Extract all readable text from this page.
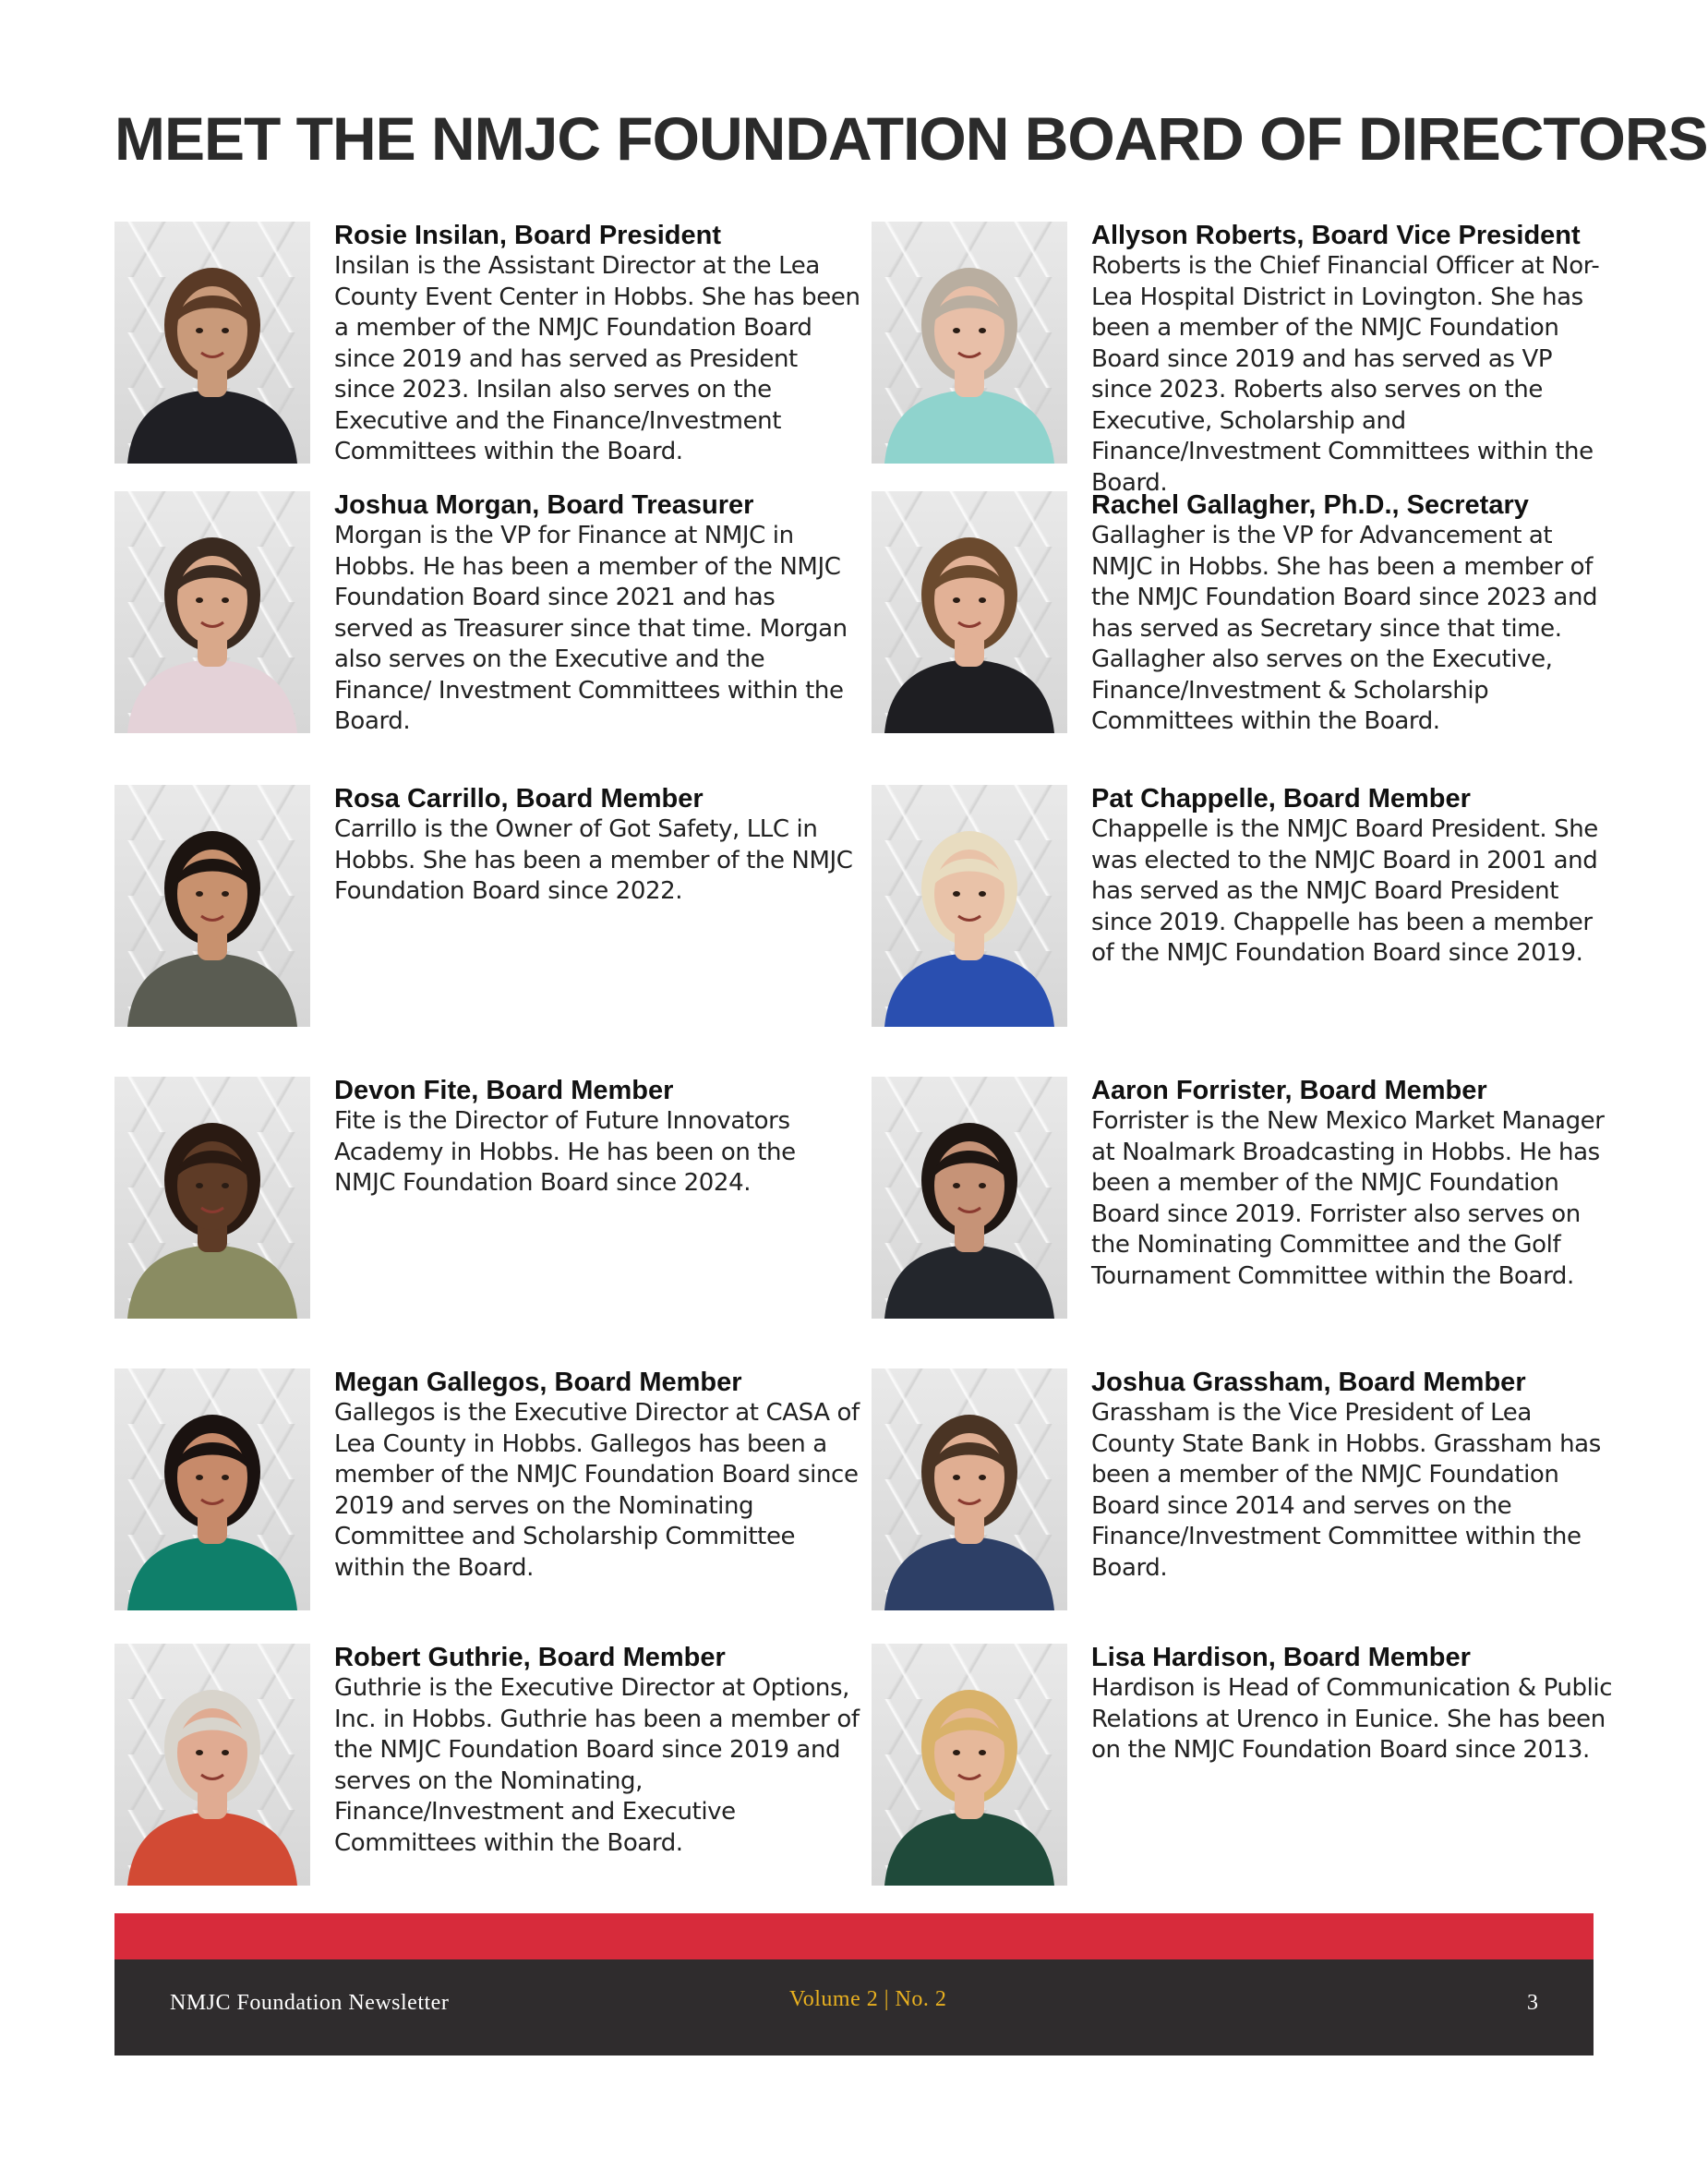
MEET THE NMJC FOUNDATION BOARD OF DIRECTORS

Rosie Insilan, Board President

Insilan is the Assistant Director at the Lea County Event Center in Hobbs. She has been a member of the NMJC Foundation Board since 2019 and has served as President since 2023. Insilan also serves on the Executive and the Finance/Investment Committees within the Board.

Allyson Roberts, Board Vice President

Roberts is the Chief Financial Officer at Nor-Lea Hospital District in Lovington. She has been a member of the NMJC Foundation Board since 2019 and has served as VP since 2023. Roberts also serves on the Executive, Scholarship and Finance/Investment Committees within the Board.

Joshua Morgan, Board Treasurer

Morgan is the VP for Finance at NMJC in Hobbs. He has been a member of the NMJC Foundation Board since 2021 and has served as Treasurer since that time. Morgan also serves on the Executive and the Finance/ Investment Committees within the Board.

Rachel Gallagher, Ph.D., Secretary

Gallagher is the VP for Advancement at NMJC in Hobbs. She has been a member of the NMJC Foundation Board since 2023 and has served as Secretary since that time. Gallagher also serves on the Executive, Finance/Investment & Scholarship Committees within the Board.

Rosa Carrillo, Board Member

Carrillo is the Owner of Got Safety, LLC in Hobbs. She has been a member of the NMJC Foundation Board since 2022.

Pat Chappelle, Board Member

Chappelle is the NMJC Board President. She was elected to the NMJC Board in 2001 and has served as the NMJC Board President since 2019. Chappelle has been a member of the NMJC Foundation Board since 2019.

Devon Fite, Board Member

Fite is the Director of Future Innovators Academy in Hobbs. He has been on the NMJC Foundation Board since 2024.

Aaron Forrister, Board Member

Forrister is the New Mexico Market Manager at Noalmark Broadcasting in Hobbs. He has been a member of the NMJC Foundation Board since 2019. Forrister also serves on the Nominating Committee and the Golf Tournament Committee within the Board.

Megan Gallegos, Board Member

Gallegos is the Executive Director at CASA of Lea County in Hobbs. Gallegos has been a member of the NMJC Foundation Board since 2019 and serves on the Nominating Committee and Scholarship Committee within the Board.

Joshua Grassham, Board Member

Grassham is the Vice President of Lea County State Bank in Hobbs. Grassham has been a member of the NMJC Foundation Board since 2014 and serves on the Finance/Investment Committee within the Board.

Robert Guthrie, Board Member

Guthrie is the Executive Director at Options, Inc. in Hobbs. Guthrie has been a member of the NMJC Foundation Board since 2019 and serves on the Nominating, Finance/Investment and Executive Committees within the Board.

Lisa Hardison, Board Member

Hardison is Head of Communication & Public Relations at Urenco in Eunice. She has been on the NMJC Foundation Board since 2013.

NMJC Foundation Newsletter	Volume 2 | No. 2	3
